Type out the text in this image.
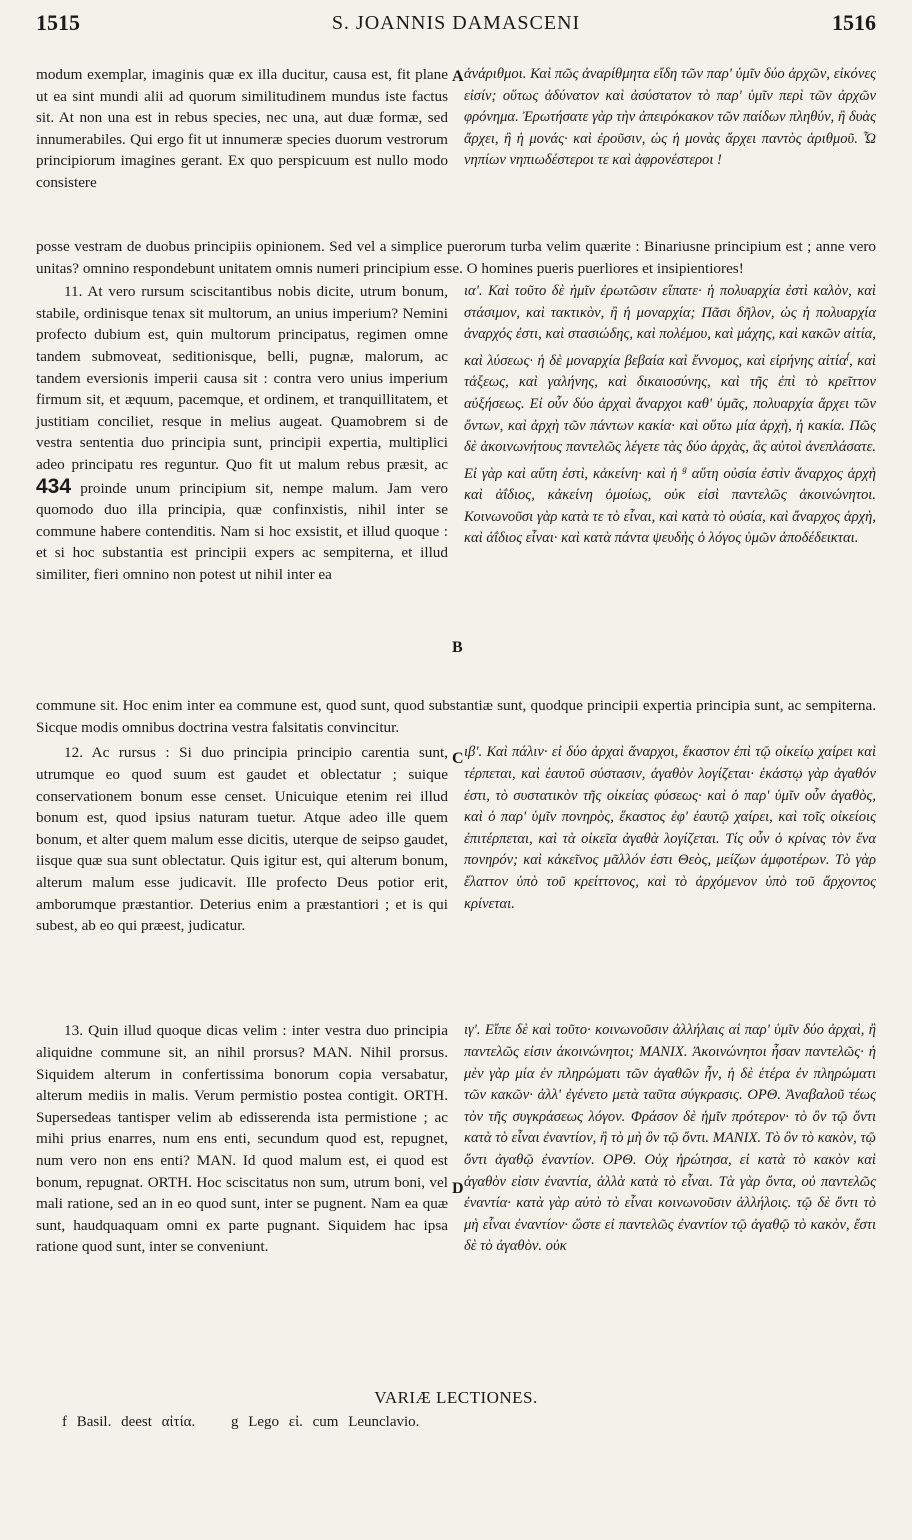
1515	S. JOANNIS DAMASCENI	1516
A

modum exemplar, imaginis quæ ex illa ducitur, causa est, fit plane ut ea sint mundi alii ad quorum similitudinem mundus iste factus sit. At non una est in rebus species, nec una, aut duæ formæ, sed innumerabiles. Qui ergo fit ut innumeræ species duorum vestrorum principiorum imagines gerant. Ex quo perspicuum est nullo modo consistere

ἀνάριθμοι. Καὶ πῶς ἀναρίθμητα εἴδη τῶν παρ' ὑμῖν δύο ἀρχῶν, εἰκόνες εἰσίν; οὕτως ἀδύνατον καὶ ἀσύστατον τὸ παρ' ὑμῖν περὶ τῶν ἀρχῶν φρόνημα. Ἐρωτήσατε γὰρ τὴν ἀπειρόκακον τῶν παίδων πληθύν, ἢ δυὰς ἄρχει, ἢ ἡ μονάς· καὶ ἐροῦσιν, ὡς ἡ μονὰς ἄρχει παντὸς ἀριθμοῦ. Ὦ νηπίων νηπιωδέστεροι τε καὶ ἀφρονέστεροι !

posse vestram de duobus principiis opinionem. Sed vel a simplice puerorum turba velim quærite : Binariusne principium est ; anne vero unitas? omnino respondebunt unitatem omnis numeri principium esse. O homines pueris puerliores et insipientiores!

B

11. At vero rursum sciscitantibus nobis dicite, utrum bonum, stabile, ordinisque tenax sit multorum, an unius imperium? Nemini profecto dubium est, quin multorum principatus, regimen omne tandem submoveat, seditionisque, belli, pugnæ, malorum, ac tandem eversionis imperii causa sit : contra vero unius imperium firmum sit, et æquum, pacemque, et ordinem, et tranquillitatem, et justitiam conciliet, resque in melius augeat. Quamobrem si de vestra sententia duo principia sunt, principii expertia, multiplici adeo principatu res reguntur. Quo fit ut malum rebus præsit, ac 434 proinde unum principium sit, nempe malum. Jam vero quomodo duo illa principia, quæ confinxistis, nihil inter se commune habere contenditis. Nam si hoc exsistit, et illud quoque : et si hoc substantia est principii expers ac sempiterna, et illud similiter, fieri omnino non potest ut nihil inter ea

ια'. Καὶ τοῦτο δὲ ἡμῖν ἐρωτῶσιν εἴπατε· ἡ πολυαρχία ἐστὶ καλὸν, καὶ στάσιμον, καὶ τακτικὸν, ἢ ἡ μοναρχία; Πᾶσι δῆλον, ὡς ἡ πολυαρχία ἀναρχός ἐστι, καὶ στασιώδης, καὶ πολέμου, καὶ μάχης, καὶ κακῶν αἰτία, καὶ λύσεως· ἡ δὲ μοναρχία βεβαία καὶ ἔννομος, καὶ εἰρήνης αἰτία$^f$, καὶ τάξεως, καὶ γαλήνης, καὶ δικαιοσύνης, καὶ τῆς ἐπὶ τὸ κρεῖττον αὐξήσεως. Εἰ οὖν δύο ἀρχαὶ ἄναρχοι καθ' ὑμᾶς, πολυαρχία ἄρχει τῶν ὄντων, καὶ ἀρχὴ τῶν πάντων κακία· καὶ οὕτω μία ἀρχὴ, ἡ κακία. Πῶς δὲ ἀκοινωνήτους παντελῶς λέγετε τὰς δύο ἀρχὰς, ἃς αὐτοὶ ἀνεπλάσατε. Εἰ γὰρ καὶ αὕτη ἐστὶ, κἀκείνη· καὶ ἡ $^g$ αὕτη οὐσία ἐστὶν ἄναρχος ἀρχὴ καὶ ἀΐδιος, κἀκείνη ὁμοίως, οὐκ εἰσὶ παντελῶς ἀκοινώνητοι. Κοινωνοῦσι γὰρ κατὰ τε τὸ εἶναι, καὶ κατὰ τὸ οὐσία, καὶ ἄναρχος ἀρχὴ, καὶ ἀΐδιος εἶναι· καὶ κατὰ πάντα ψευδὴς ὁ λόγος ὑμῶν ἀποδέδεικται.

commune sit. Hoc enim inter ea commune est, quod sunt, quod substantiæ sunt, quodque principii expertia principia sunt, ac sempiterna. Sicque modis omnibus doctrina vestra falsitatis convincitur.

C

12. Ac rursus : Si duo principia principio carentia sunt, utrumque eo quod suum est gaudet et oblectatur ; suique conservationem bonum esse censet. Unicuique etenim rei illud bonum est, quod ipsius naturam tuetur. Atque adeo ille quem bonum, et alter quem malum esse dicitis, uterque de seipso gaudet, iisque quæ sua sunt oblectatur. Quis igitur est, qui alterum bonum, alterum malum esse judicavit. Ille profecto Deus potior erit, amborumque præstantior. Deterius enim a præstantiori ; et is qui subest, ab eo qui præest, judicatur.

ιβ'. Καὶ πάλιν· εἰ δύο ἀρχαὶ ἄναρχοι, ἕκαστον ἐπὶ τῷ οἰκείῳ χαίρει καὶ τέρπεται, καὶ ἑαυτοῦ σύστασιν, ἀγαθὸν λογίζεται· ἑκάστῳ γὰρ ἀγαθόν ἐστι, τὸ συστατικὸν τῆς οἰκείας φύσεως· καὶ ὁ παρ' ὑμῖν οὖν ἀγαθὸς, καὶ ὁ παρ' ὑμῖν πονηρὸς, ἕκαστος ἐφ' ἑαυτῷ χαίρει, καὶ τοῖς οἰκείοις ἐπιτέρπεται, καὶ τὰ οἰκεῖα ἀγαθὰ λογίζεται. Τίς οὖν ὁ κρίνας τὸν ἕνα πονηρόν; καὶ κἀκεῖνος μᾶλλόν ἐστι Θεὸς, μείζων ἀμφοτέρων. Τὸ γὰρ ἔλαττον ὑπὸ τοῦ κρείττονος, καὶ τὸ ἀρχόμενον ὑπὸ τοῦ ἄρχοντος κρίνεται.

D

13. Quin illud quoque dicas velim : inter vestra duo principia aliquidne commune sit, an nihil prorsus? MAN. Nihil prorsus. Siquidem alterum in confertissima bonorum copia versabatur, alterum mediis in malis. Verum permistio postea contigit. ORTH. Supersedeas tantisper velim ab edisserenda ista permistione ; ac mihi prius enarres, num ens enti, secundum quod est, repugnet, num vero non ens enti? MAN. Id quod malum est, ei quod est bonum, repugnat. ORTH. Hoc sciscitatus non sum, utrum boni, vel mali ratione, sed an in eo quod sunt, inter se pugnent. Nam ea quæ sunt, haudquaquam omni ex parte pugnant. Siquidem hac ipsa ratione quod sunt, inter se conveniunt.

ιγ'. Εἴπε δὲ καὶ τοῦτο· κοινωνοῦσιν ἀλλήλαις αἱ παρ' ὑμῖν δύο ἀρχαὶ, ἢ παντελῶς εἰσιν ἀκοινώνητοι; MANIX. Ἀκοινώνητοι ἦσαν παντελῶς· ἡ μὲν γὰρ μία ἐν πληρώματι τῶν ἀγαθῶν ἦν, ἡ δὲ ἑτέρα ἐν πληρώματι τῶν κακῶν· ἀλλ' ἐγένετο μετὰ ταῦτα σύγκρασις. ΟΡΘ. Ἀναβαλοῦ τέως τὸν τῆς συγκράσεως λόγον. Φράσον δὲ ἡμῖν πρότερον· τὸ ὂν τῷ ὄντι κατὰ τὸ εἶναι ἐναντίον, ἢ τὸ μὴ ὂν τῷ ὄντι. MANIX. Τὸ ὂν τὸ κακὸν, τῷ ὄντι ἀγαθῷ ἐναντίον. ΟΡΘ. Οὐχ ἠρώτησα, εἰ κατὰ τὸ κακὸν καὶ ἀγαθὸν εἰσιν ἐναντία, ἀλλὰ κατὰ τὸ εἶναι. Τὰ γὰρ ὄντα, οὐ παντελῶς ἐναντία· κατὰ γὰρ αὐτὸ τὸ εἶναι κοινωνοῦσιν ἀλλήλοις. τῷ δὲ ὄντι τὸ μὴ εἶναι ἐναντίον· ὥστε εἰ παντελῶς ἐναντίον τῷ ἀγαθῷ τὸ κακὸν, ἔστι δὲ τὸ ἀγαθὸν. οὐκ

VARIÆ LECTIONES.
f Basil. deest αἰτία. g Lego εἰ. cum Leunclavio.
